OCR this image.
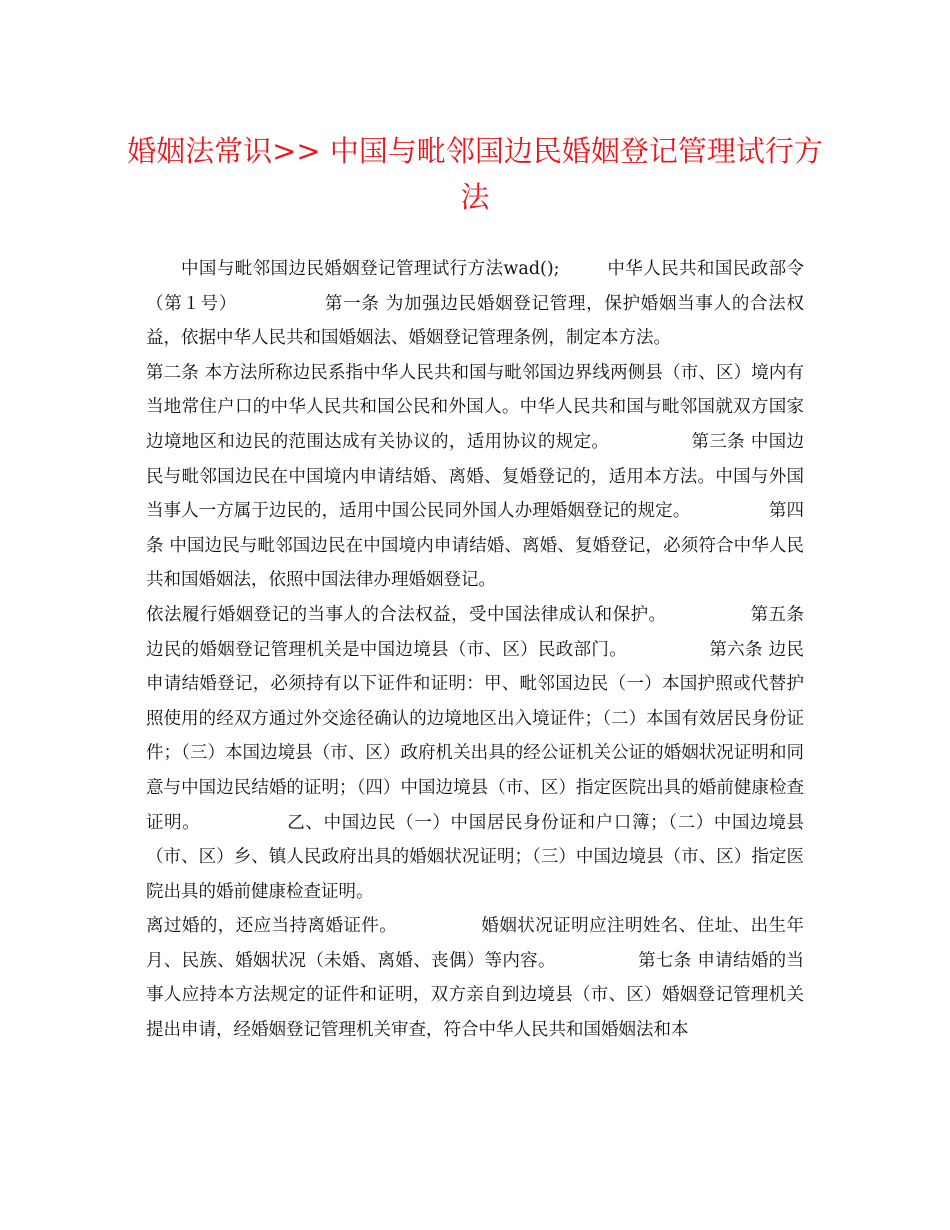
婚姻法常识>> 中国与毗邻国边民婚姻登记管理试行方法

中国与毗邻国边民婚姻登记管理试行方法wad();        中华人民共和国民政部令（第１号）              第一条 为加强边民婚姻登记管理，保护婚姻当事人的合法权益，依据中华人民共和国婚姻法、婚姻登记管理条例，制定本方法。

第二条 本方法所称边民系指中华人民共和国与毗邻国边界线两侧县（市、区）境内有当地常住户口的中华人民共和国公民和外国人。中华人民共和国与毗邻国就双方国家边境地区和边民的范围达成有关协议的，适用协议的规定。              第三条 中国边民与毗邻国边民在中国境内申请结婚、离婚、复婚登记的，适用本方法。中国与外国当事人一方属于边民的，适用中国公民同外国人办理婚姻登记的规定。              第四条 中国边民与毗邻国边民在中国境内申请结婚、离婚、复婚登记，必须符合中华人民共和国婚姻法，依照中国法律办理婚姻登记。

依法履行婚姻登记的当事人的合法权益，受中国法律成认和保护。              第五条 边民的婚姻登记管理机关是中国边境县（市、区）民政部门。              第六条 边民申请结婚登记，必须持有以下证件和证明：甲、毗邻国边民（一）本国护照或代替护照使用的经双方通过外交途径确认的边境地区出入境证件；（二）本国有效居民身份证件；（三）本国边境县（市、区）政府机关出具的经公证机关公证的婚姻状况证明和同意与中国边民结婚的证明；（四）中国边境县（市、区）指定医院出具的婚前健康检查证明。              乙、中国边民（一）中国居民身份证和户口簿；（二）中国边境县（市、区）乡、镇人民政府出具的婚姻状况证明；（三）中国边境县（市、区）指定医院出具的婚前健康检查证明。

离过婚的，还应当持离婚证件。              婚姻状况证明应注明姓名、住址、出生年月、民族、婚姻状况（未婚、离婚、丧偶）等内容。              第七条 申请结婚的当事人应持本方法规定的证件和证明，双方亲自到边境县（市、区）婚姻登记管理机关提出申请，经婚姻登记管理机关审查，符合中华人民共和国婚姻法和本
